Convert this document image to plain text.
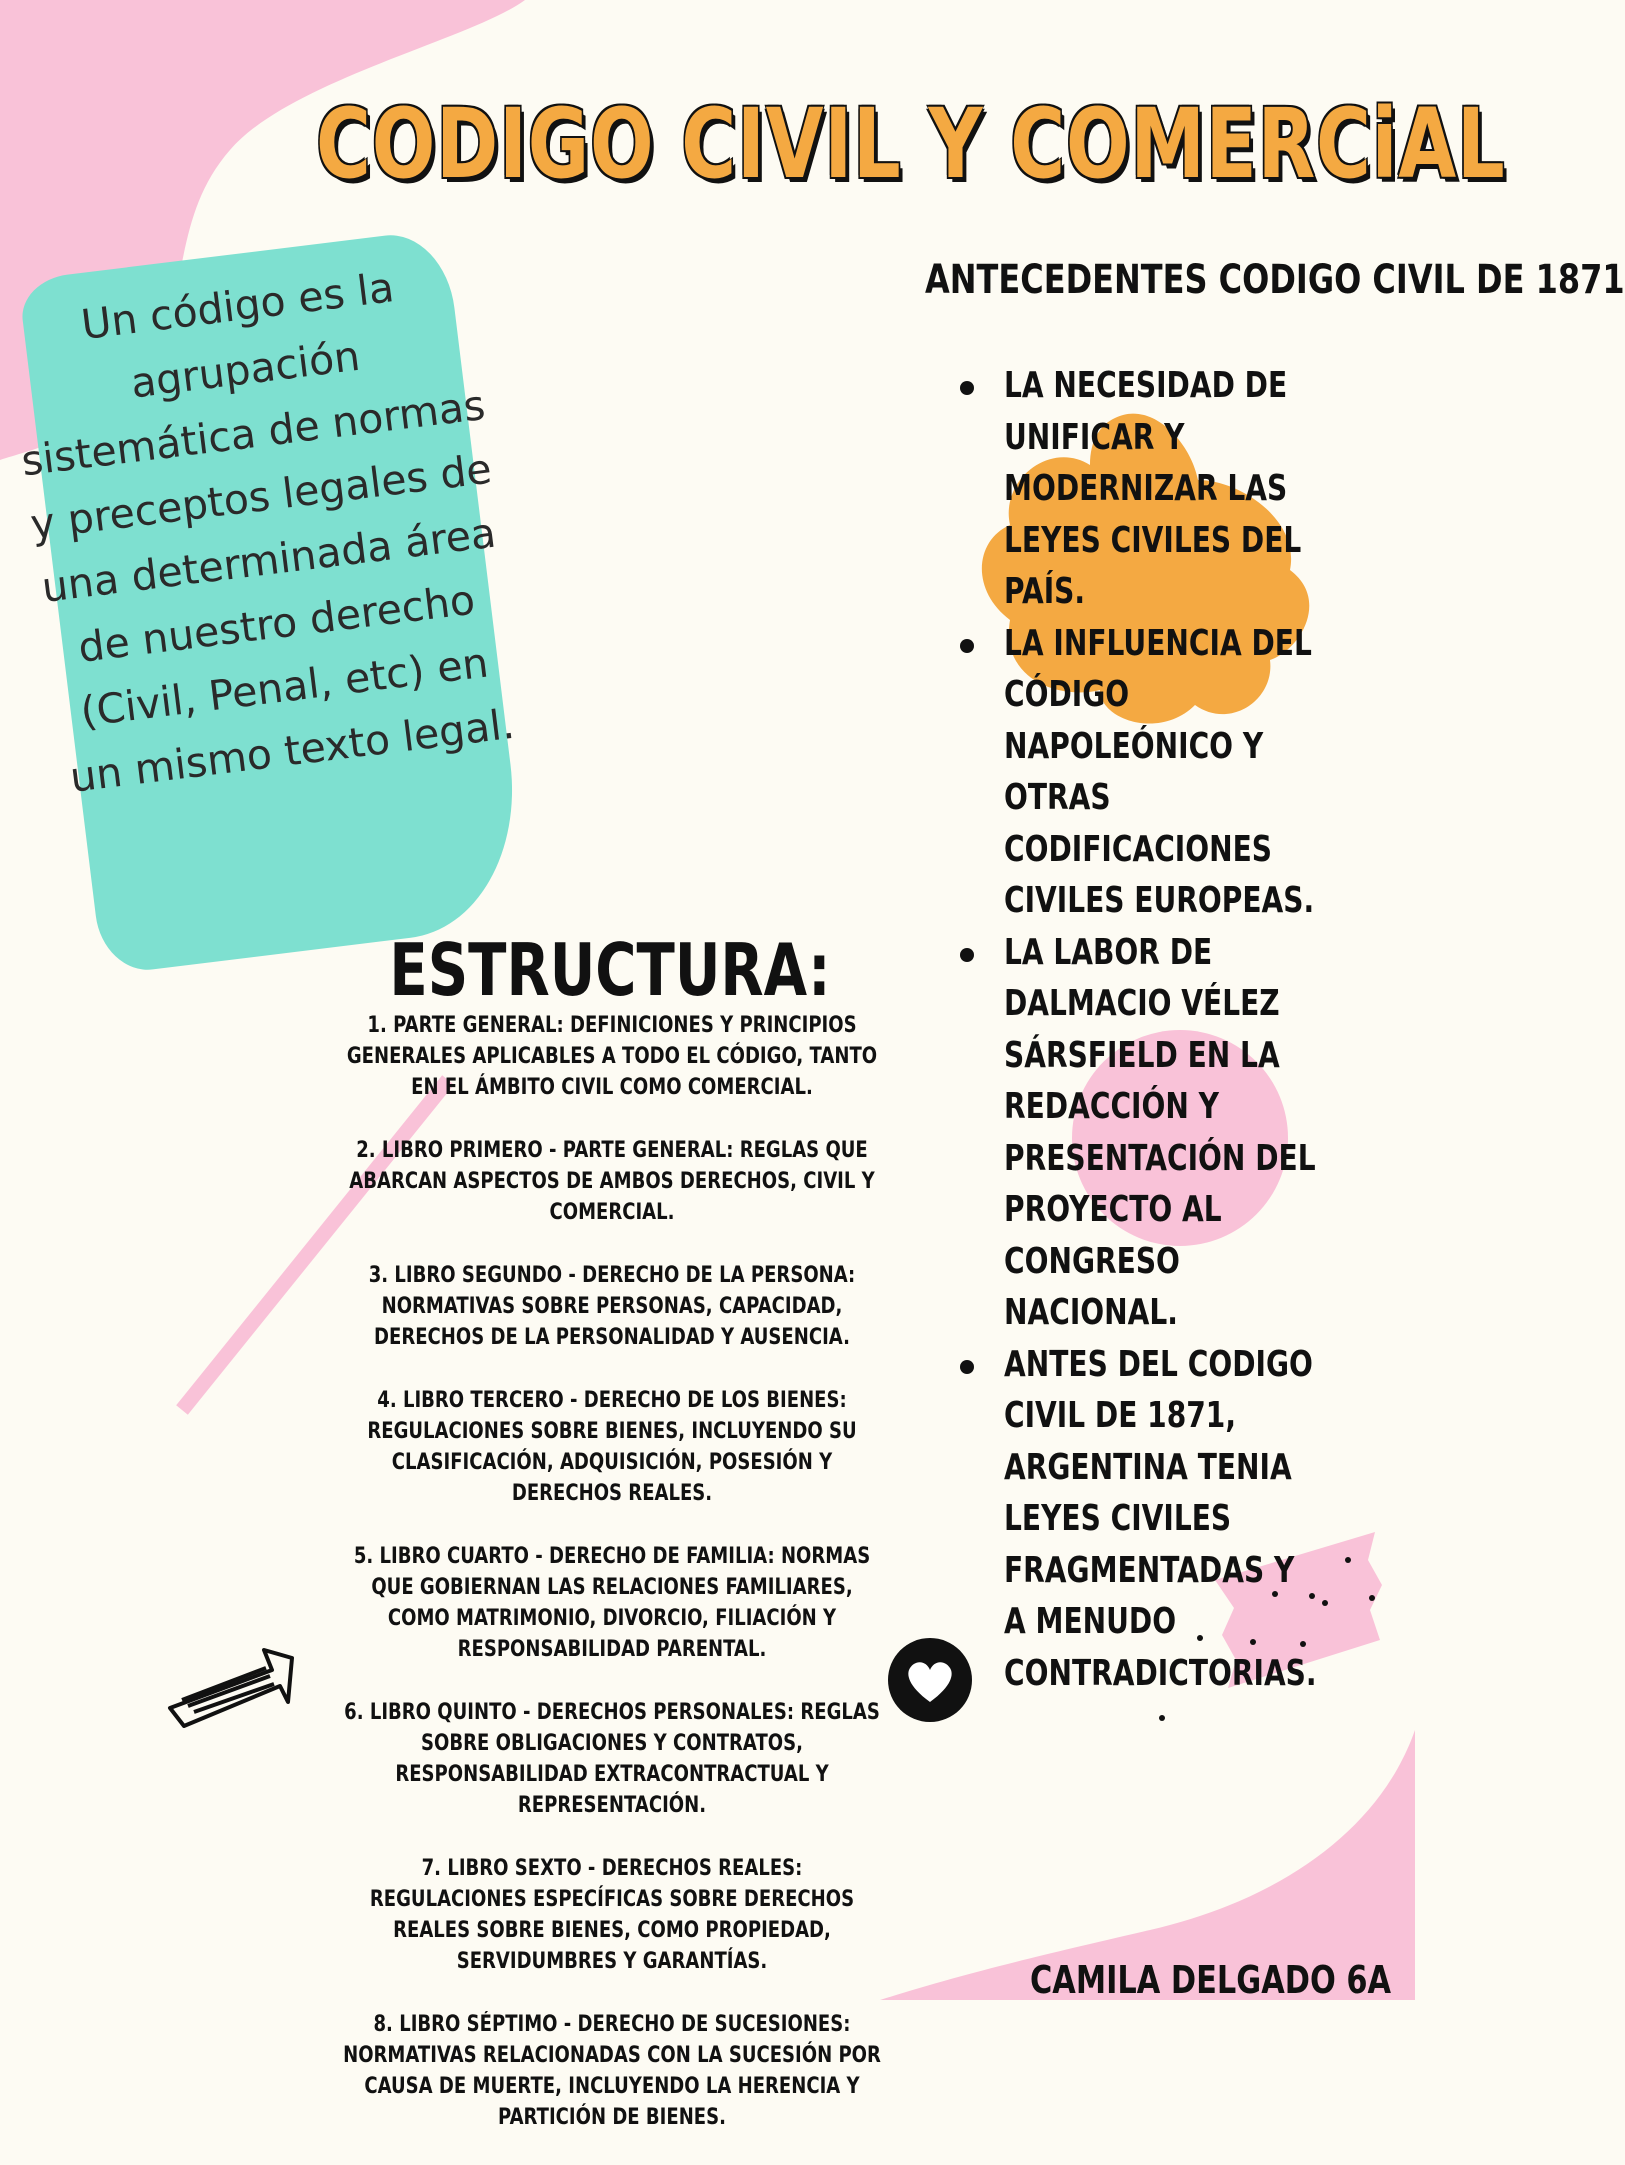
CODIGO CIVIL Y COMERCiAL
Un código es la agrupación sistemática de normas y preceptos legales de una determinada área de nuestro derecho (Civil, Penal, etc) en un mismo texto legal.
ESTRUCTURA:
1. PARTE GENERAL: DEFINICIONES Y PRINCIPIOS GENERALES APLICABLES A TODO EL CÓDIGO, TANTO EN EL ÁMBITO CIVIL COMO COMERCIAL.
2. LIBRO PRIMERO - PARTE GENERAL: REGLAS QUE ABARCAN ASPECTOS DE AMBOS DERECHOS, CIVIL Y COMERCIAL.
3. LIBRO SEGUNDO - DERECHO DE LA PERSONA: NORMATIVAS SOBRE PERSONAS, CAPACIDAD, DERECHOS DE LA PERSONALIDAD Y AUSENCIA.
4. LIBRO TERCERO - DERECHO DE LOS BIENES: REGULACIONES SOBRE BIENES, INCLUYENDO SU CLASIFICACIÓN, ADQUISICIÓN, POSESIÓN Y DERECHOS REALES.
5. LIBRO CUARTO - DERECHO DE FAMILIA: NORMAS QUE GOBIERNAN LAS RELACIONES FAMILIARES, COMO MATRIMONIO, DIVORCIO, FILIACIÓN Y RESPONSABILIDAD PARENTAL.
6. LIBRO QUINTO - DERECHOS PERSONALES: REGLAS SOBRE OBLIGACIONES Y CONTRATOS, RESPONSABILIDAD EXTRACONTRACTUAL Y REPRESENTACIÓN.
7. LIBRO SEXTO - DERECHOS REALES: REGULACIONES ESPECÍFICAS SOBRE DERECHOS REALES SOBRE BIENES, COMO PROPIEDAD, SERVIDUMBRES Y GARANTÍAS.
8. LIBRO SÉPTIMO - DERECHO DE SUCESIONES: NORMATIVAS RELACIONADAS CON LA SUCESIÓN POR CAUSA DE MUERTE, INCLUYENDO LA HERENCIA Y PARTICIÓN DE BIENES.
ANTECEDENTES CODIGO CIVIL DE 1871
LA NECESIDAD DE UNIFICAR Y MODERNIZAR LAS LEYES CIVILES DEL PAÍS.
LA INFLUENCIA DEL CÓDIGO NAPOLEÓNICO Y OTRAS CODIFICACIONES CIVILES EUROPEAS.
LA LABOR DE DALMACIO VÉLEZ SÁRSFIELD EN LA REDACCIÓN Y PRESENTACIÓN DEL PROYECTO AL CONGRESO NACIONAL.
ANTES DEL CODIGO CIVIL DE 1871, ARGENTINA TENIA LEYES CIVILES FRAGMENTADAS Y A MENUDO CONTRADICTORIAS.
CAMILA DELGADO 6A
